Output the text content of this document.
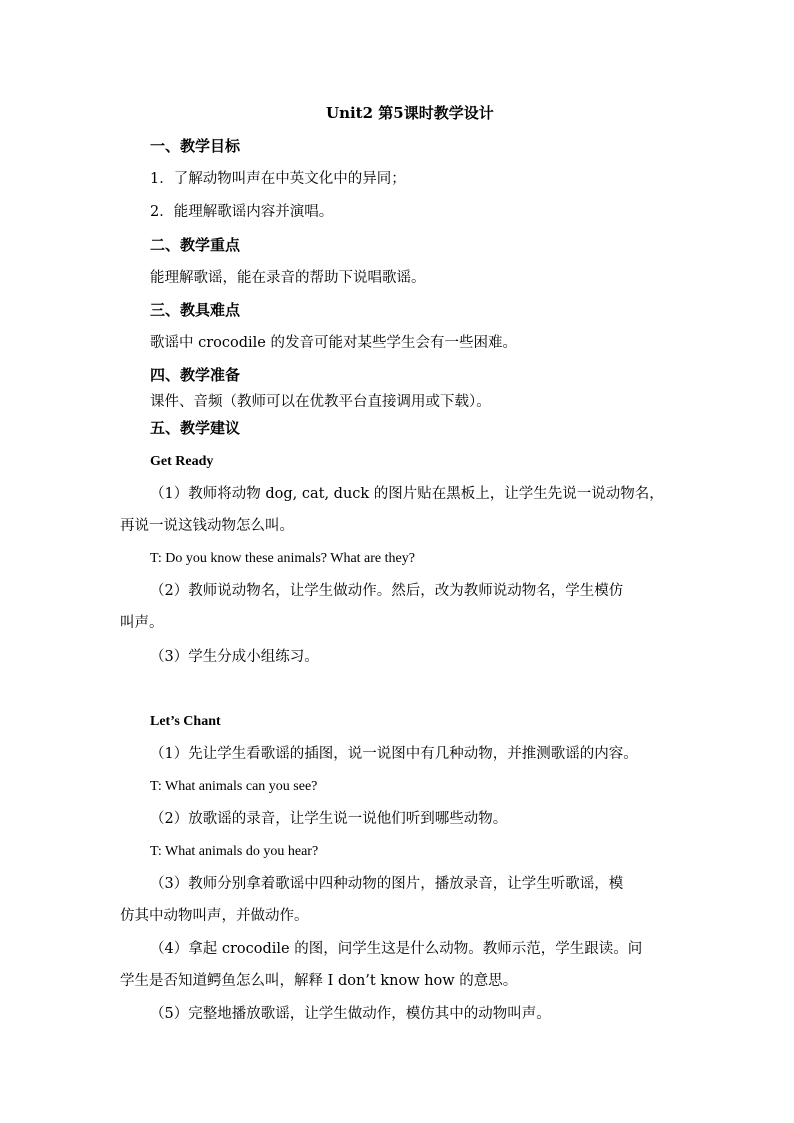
Unit2 第5课时教学设计
一、教学目标
1．了解动物叫声在中英文化中的异同；
2．能理解歌谣内容并演唱。
二、教学重点
能理解歌谣，能在录音的帮助下说唱歌谣。
三、教具难点
歌谣中 crocodile 的发音可能对某些学生会有一些困难。
四、教学准备
课件、音频（教师可以在优教平台直接调用或下载）。
五、教学建议
Get Ready
（1）教师将动物 dog, cat, duck 的图片贴在黑板上，让学生先说一说动物名，
再说一说这钱动物怎么叫。
T: Do you know these animals? What are they?
（2）教师说动物名，让学生做动作。然后，改为教师说动物名，学生模仿
叫声。
（3）学生分成小组练习。
Let’s Chant
（1）先让学生看歌谣的插图，说一说图中有几种动物，并推测歌谣的内容。
T: What animals can you see?
（2）放歌谣的录音，让学生说一说他们听到哪些动物。
T: What animals do you hear?
（3）教师分别拿着歌谣中四种动物的图片，播放录音，让学生听歌谣，模
仿其中动物叫声，并做动作。
（4）拿起 crocodile 的图，问学生这是什么动物。教师示范，学生跟读。问
学生是否知道鳄鱼怎么叫，解释 I don’t know how 的意思。
（5）完整地播放歌谣，让学生做动作，模仿其中的动物叫声。
